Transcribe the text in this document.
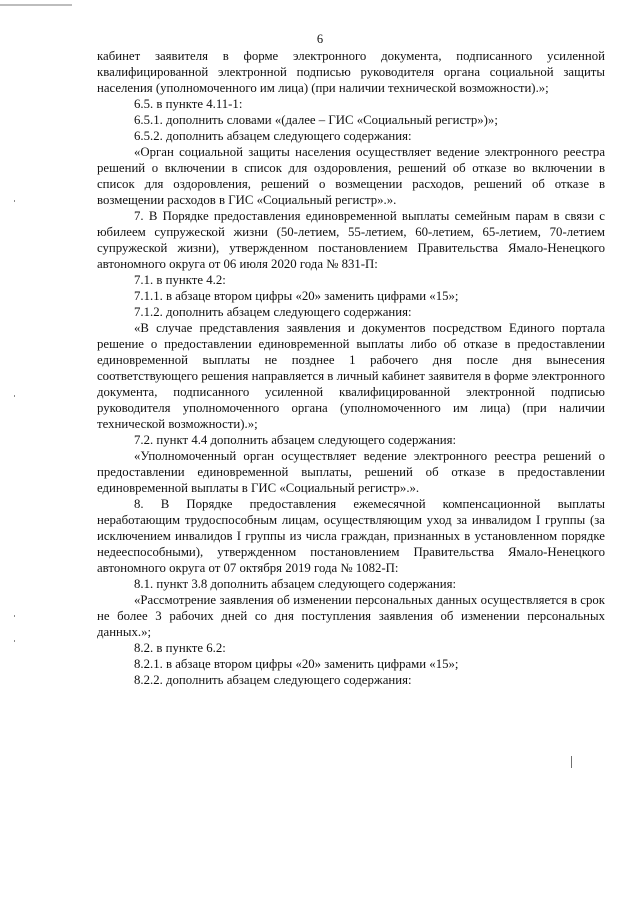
6

кабинет заявителя в форме электронного документа, подписанного усиленной квалифицированной электронной подписью руководителя органа социальной защиты населения (уполномоченного им лица) (при наличии технической возможности).»;

6.5. в пункте 4.11-1:

6.5.1. дополнить словами «(далее – ГИС «Социальный регистр»)»;

6.5.2. дополнить абзацем следующего содержания:

«Орган социальной защиты населения осуществляет ведение электронного реестра решений о включении в список для оздоровления, решений об отказе во включении в список для оздоровления, решений о возмещении расходов, решений об отказе в возмещении расходов в ГИС «Социальный регистр».».

7. В Порядке предоставления единовременной выплаты семейным парам в связи с юбилеем супружеской жизни (50-летием, 55-летием, 60-летием, 65-летием, 70-летием супружеской жизни), утвержденном постановлением Правительства Ямало-Ненецкого автономного округа от 06 июля 2020 года № 831-П:

7.1. в пункте 4.2:

7.1.1. в абзаце втором цифры «20» заменить цифрами «15»;

7.1.2. дополнить абзацем следующего содержания:

«В случае представления заявления и документов посредством Единого портала решение о предоставлении единовременной выплаты либо об отказе в предоставлении единовременной выплаты не позднее 1 рабочего дня после дня вынесения соответствующего решения направляется в личный кабинет заявителя в форме электронного документа, подписанного усиленной квалифицированной электронной подписью руководителя уполномоченного органа (уполномоченного им лица) (при наличии технической возможности).»;

7.2. пункт 4.4 дополнить абзацем следующего содержания:

«Уполномоченный орган осуществляет ведение электронного реестра решений о предоставлении единовременной выплаты, решений об отказе в предоставлении единовременной выплаты в ГИС «Социальный регистр».».

8. В Порядке предоставления ежемесячной компенсационной выплаты неработающим трудоспособным лицам, осуществляющим уход за инвалидом I группы (за исключением инвалидов I группы из числа граждан, признанных в установленном порядке недееспособными), утвержденном постановлением Правительства Ямало-Ненецкого автономного округа от 07 октября 2019 года № 1082-П:

8.1. пункт 3.8 дополнить абзацем следующего содержания:

«Рассмотрение заявления об изменении персональных данных осуществляется в срок не более 3 рабочих дней со дня поступления заявления об изменении персональных данных.»;

8.2. в пункте 6.2:

8.2.1. в абзаце втором цифры «20» заменить цифрами «15»;

8.2.2. дополнить абзацем следующего содержания:
